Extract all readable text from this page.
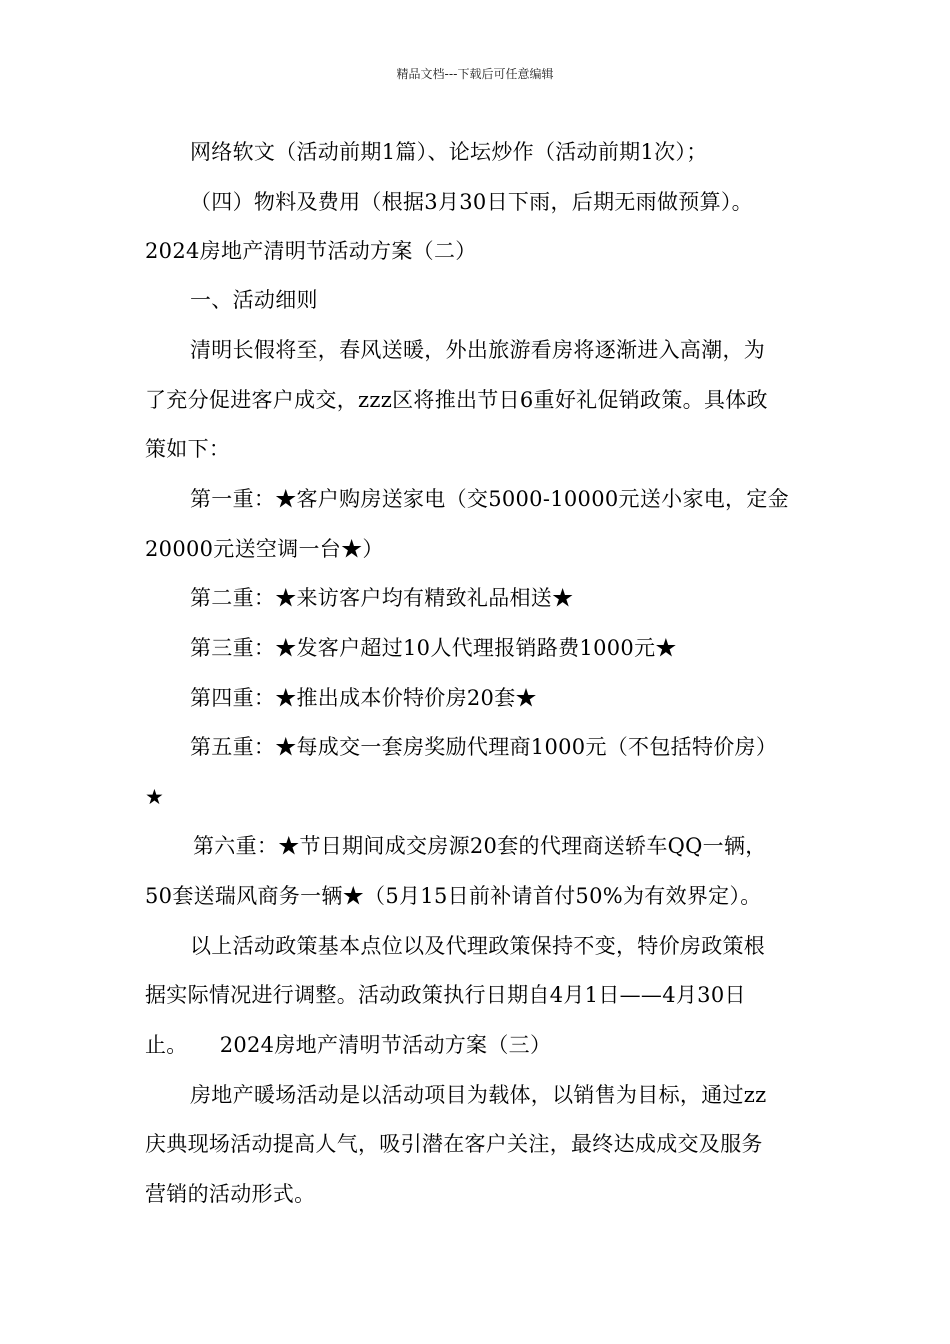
精品文档---下载后可任意编辑
网络软文（活动前期1篇）、论坛炒作（活动前期1次）；
（四）物料及费用（根据3月30日下雨，后期无雨做预算）。
2024房地产清明节活动方案（二）
一、活动细则
清明长假将至，春风送暖，外出旅游看房将逐渐进入高潮，为
了充分促进客户成交，zzz区将推出节日6重好礼促销政策。具体政
策如下：
第一重：★客户购房送家电（交5000-10000元送小家电，定金
20000元送空调一台★）
第二重：★来访客户均有精致礼品相送★
第三重：★发客户超过10人代理报销路费1000元★
第四重：★推出成本价特价房20套★
第五重：★每成交一套房奖励代理商1000元（不包括特价房）
★
第六重：★节日期间成交房源20套的代理商送轿车QQ一辆，
50套送瑞风商务一辆★（5月15日前补请首付50%为有效界定）。
以上活动政策基本点位以及代理政策保持不变，特价房政策根
据实际情况进行调整。活动政策执行日期自4月1日——4月30日
止。　　2024房地产清明节活动方案（三）
房地产暖场活动是以活动项目为载体，以销售为目标，通过zz
庆典现场活动提高人气，吸引潜在客户关注，最终达成成交及服务
营销的活动形式。
